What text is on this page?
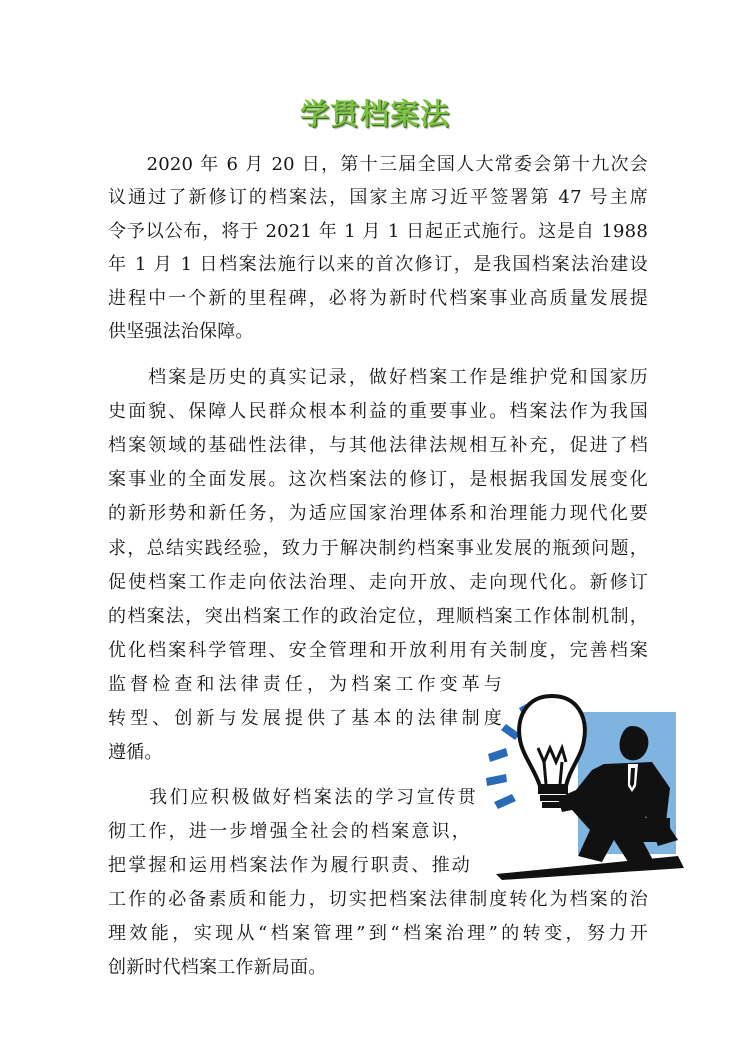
学贯档案法
　　2020 年 6 月 20 日，第十三届全国人大常委会第十九次会
议通过了新修订的档案法，国家主席习近平签署第 47 号主席
令予以公布，将于 2021 年 1 月 1 日起正式施行。这是自 1988
年 1 月 1 日档案法施行以来的首次修订，是我国档案法治建设
进程中一个新的里程碑，必将为新时代档案事业高质量发展提
供坚强法治保障。
　　档案是历史的真实记录，做好档案工作是维护党和国家历
史面貌、保障人民群众根本利益的重要事业。档案法作为我国
档案领域的基础性法律，与其他法律法规相互补充，促进了档
案事业的全面发展。这次档案法的修订，是根据我国发展变化
的新形势和新任务，为适应国家治理体系和治理能力现代化要
求，总结实践经验，致力于解决制约档案事业发展的瓶颈问题，
促使档案工作走向依法治理、走向开放、走向现代化。新修订
的档案法，突出档案工作的政治定位，理顺档案工作体制机制，
优化档案科学管理、安全管理和开放利用有关制度，完善档案
监督检查和法律责任，为档案工作变革与
转型、创新与发展提供了基本的法律制度
遵循。
　　我们应积极做好档案法的学习宣传贯
彻工作，进一步增强全社会的档案意识，
把掌握和运用档案法作为履行职责、推动
工作的必备素质和能力，切实把档案法律制度转化为档案的治
理效能，实现从“档案管理”到“档案治理”的转变，努力开
创新时代档案工作新局面。
